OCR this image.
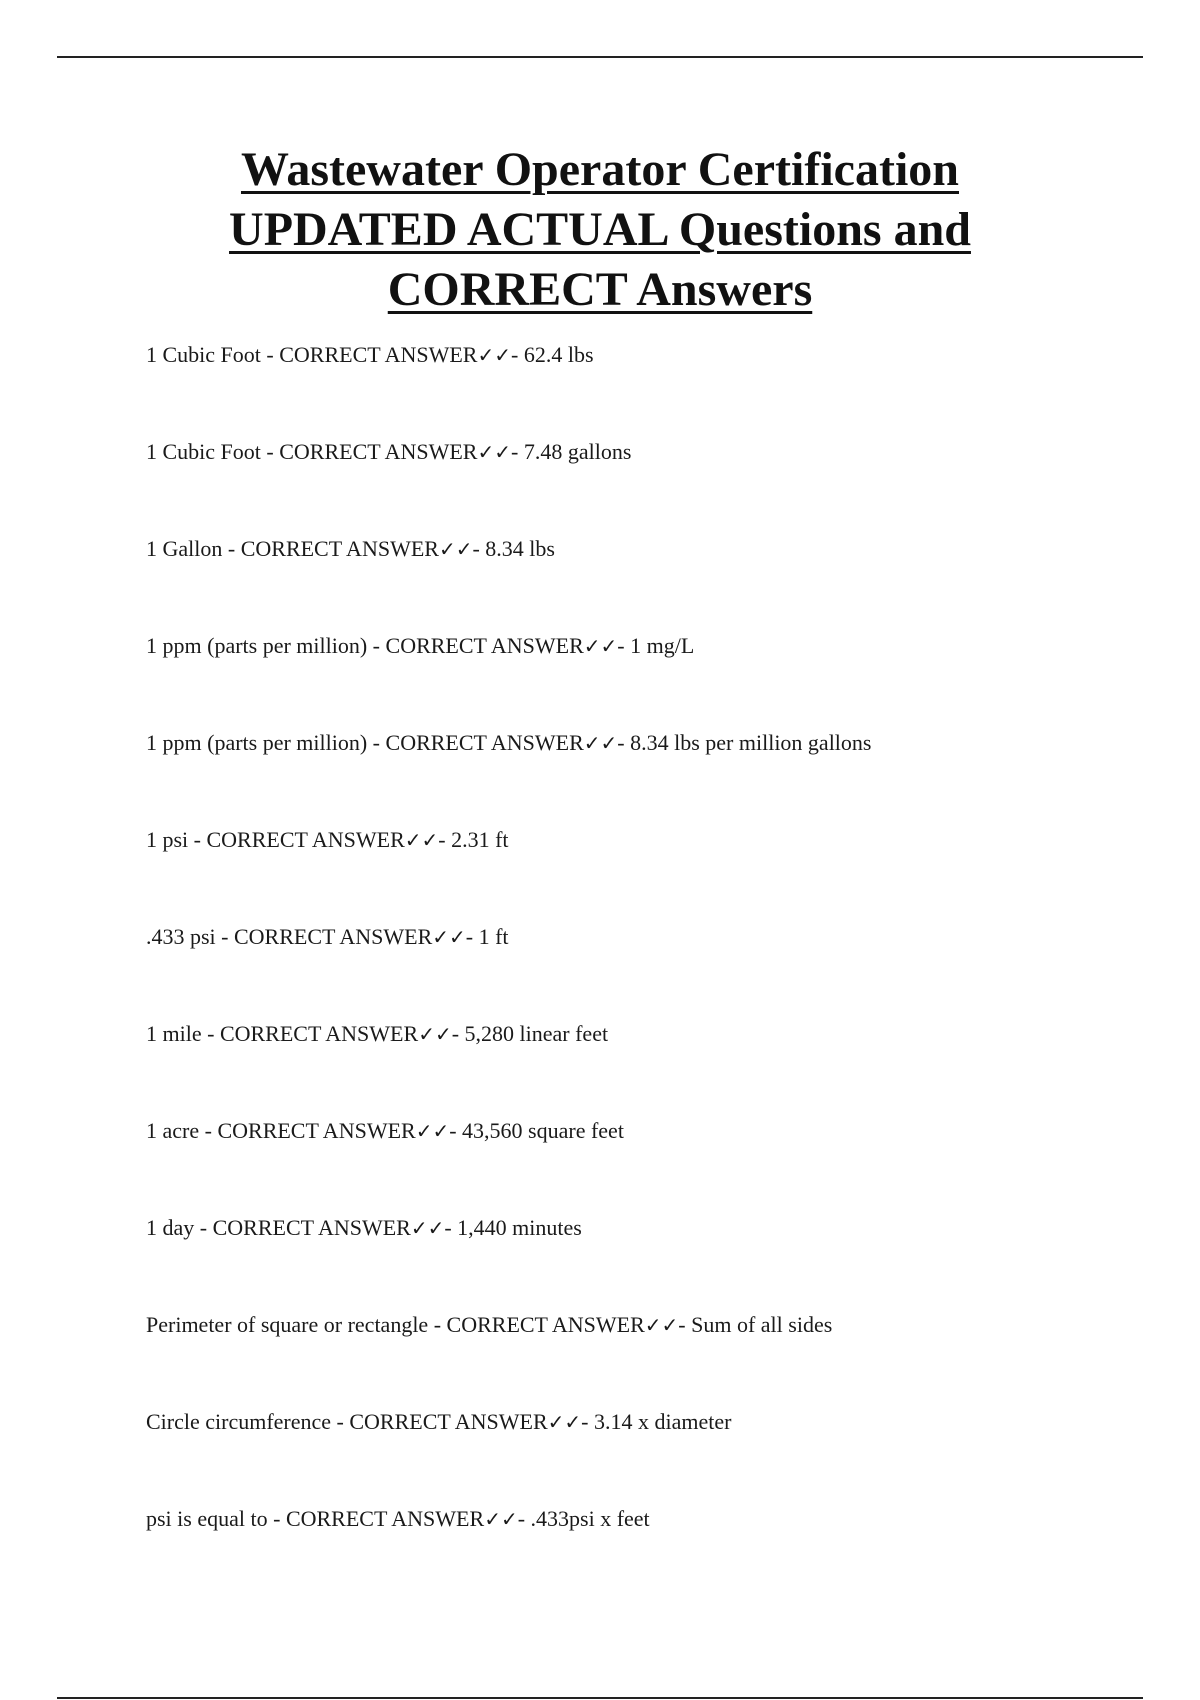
Wastewater Operator Certification
UPDATED ACTUAL Questions and
CORRECT Answers
1 Cubic Foot - CORRECT ANSWER✓✓- 62.4 lbs
1 Cubic Foot - CORRECT ANSWER✓✓- 7.48 gallons
1 Gallon - CORRECT ANSWER✓✓- 8.34 lbs
1 ppm (parts per million) - CORRECT ANSWER✓✓- 1 mg/L
1 ppm (parts per million) - CORRECT ANSWER✓✓- 8.34 lbs per million gallons
1 psi - CORRECT ANSWER✓✓- 2.31 ft
.433 psi - CORRECT ANSWER✓✓- 1 ft
1 mile - CORRECT ANSWER✓✓- 5,280 linear feet
1 acre - CORRECT ANSWER✓✓- 43,560 square feet
1 day - CORRECT ANSWER✓✓- 1,440 minutes
Perimeter of square or rectangle - CORRECT ANSWER✓✓- Sum of all sides
Circle circumference - CORRECT ANSWER✓✓- 3.14 x diameter
psi is equal to - CORRECT ANSWER✓✓- .433psi x feet
